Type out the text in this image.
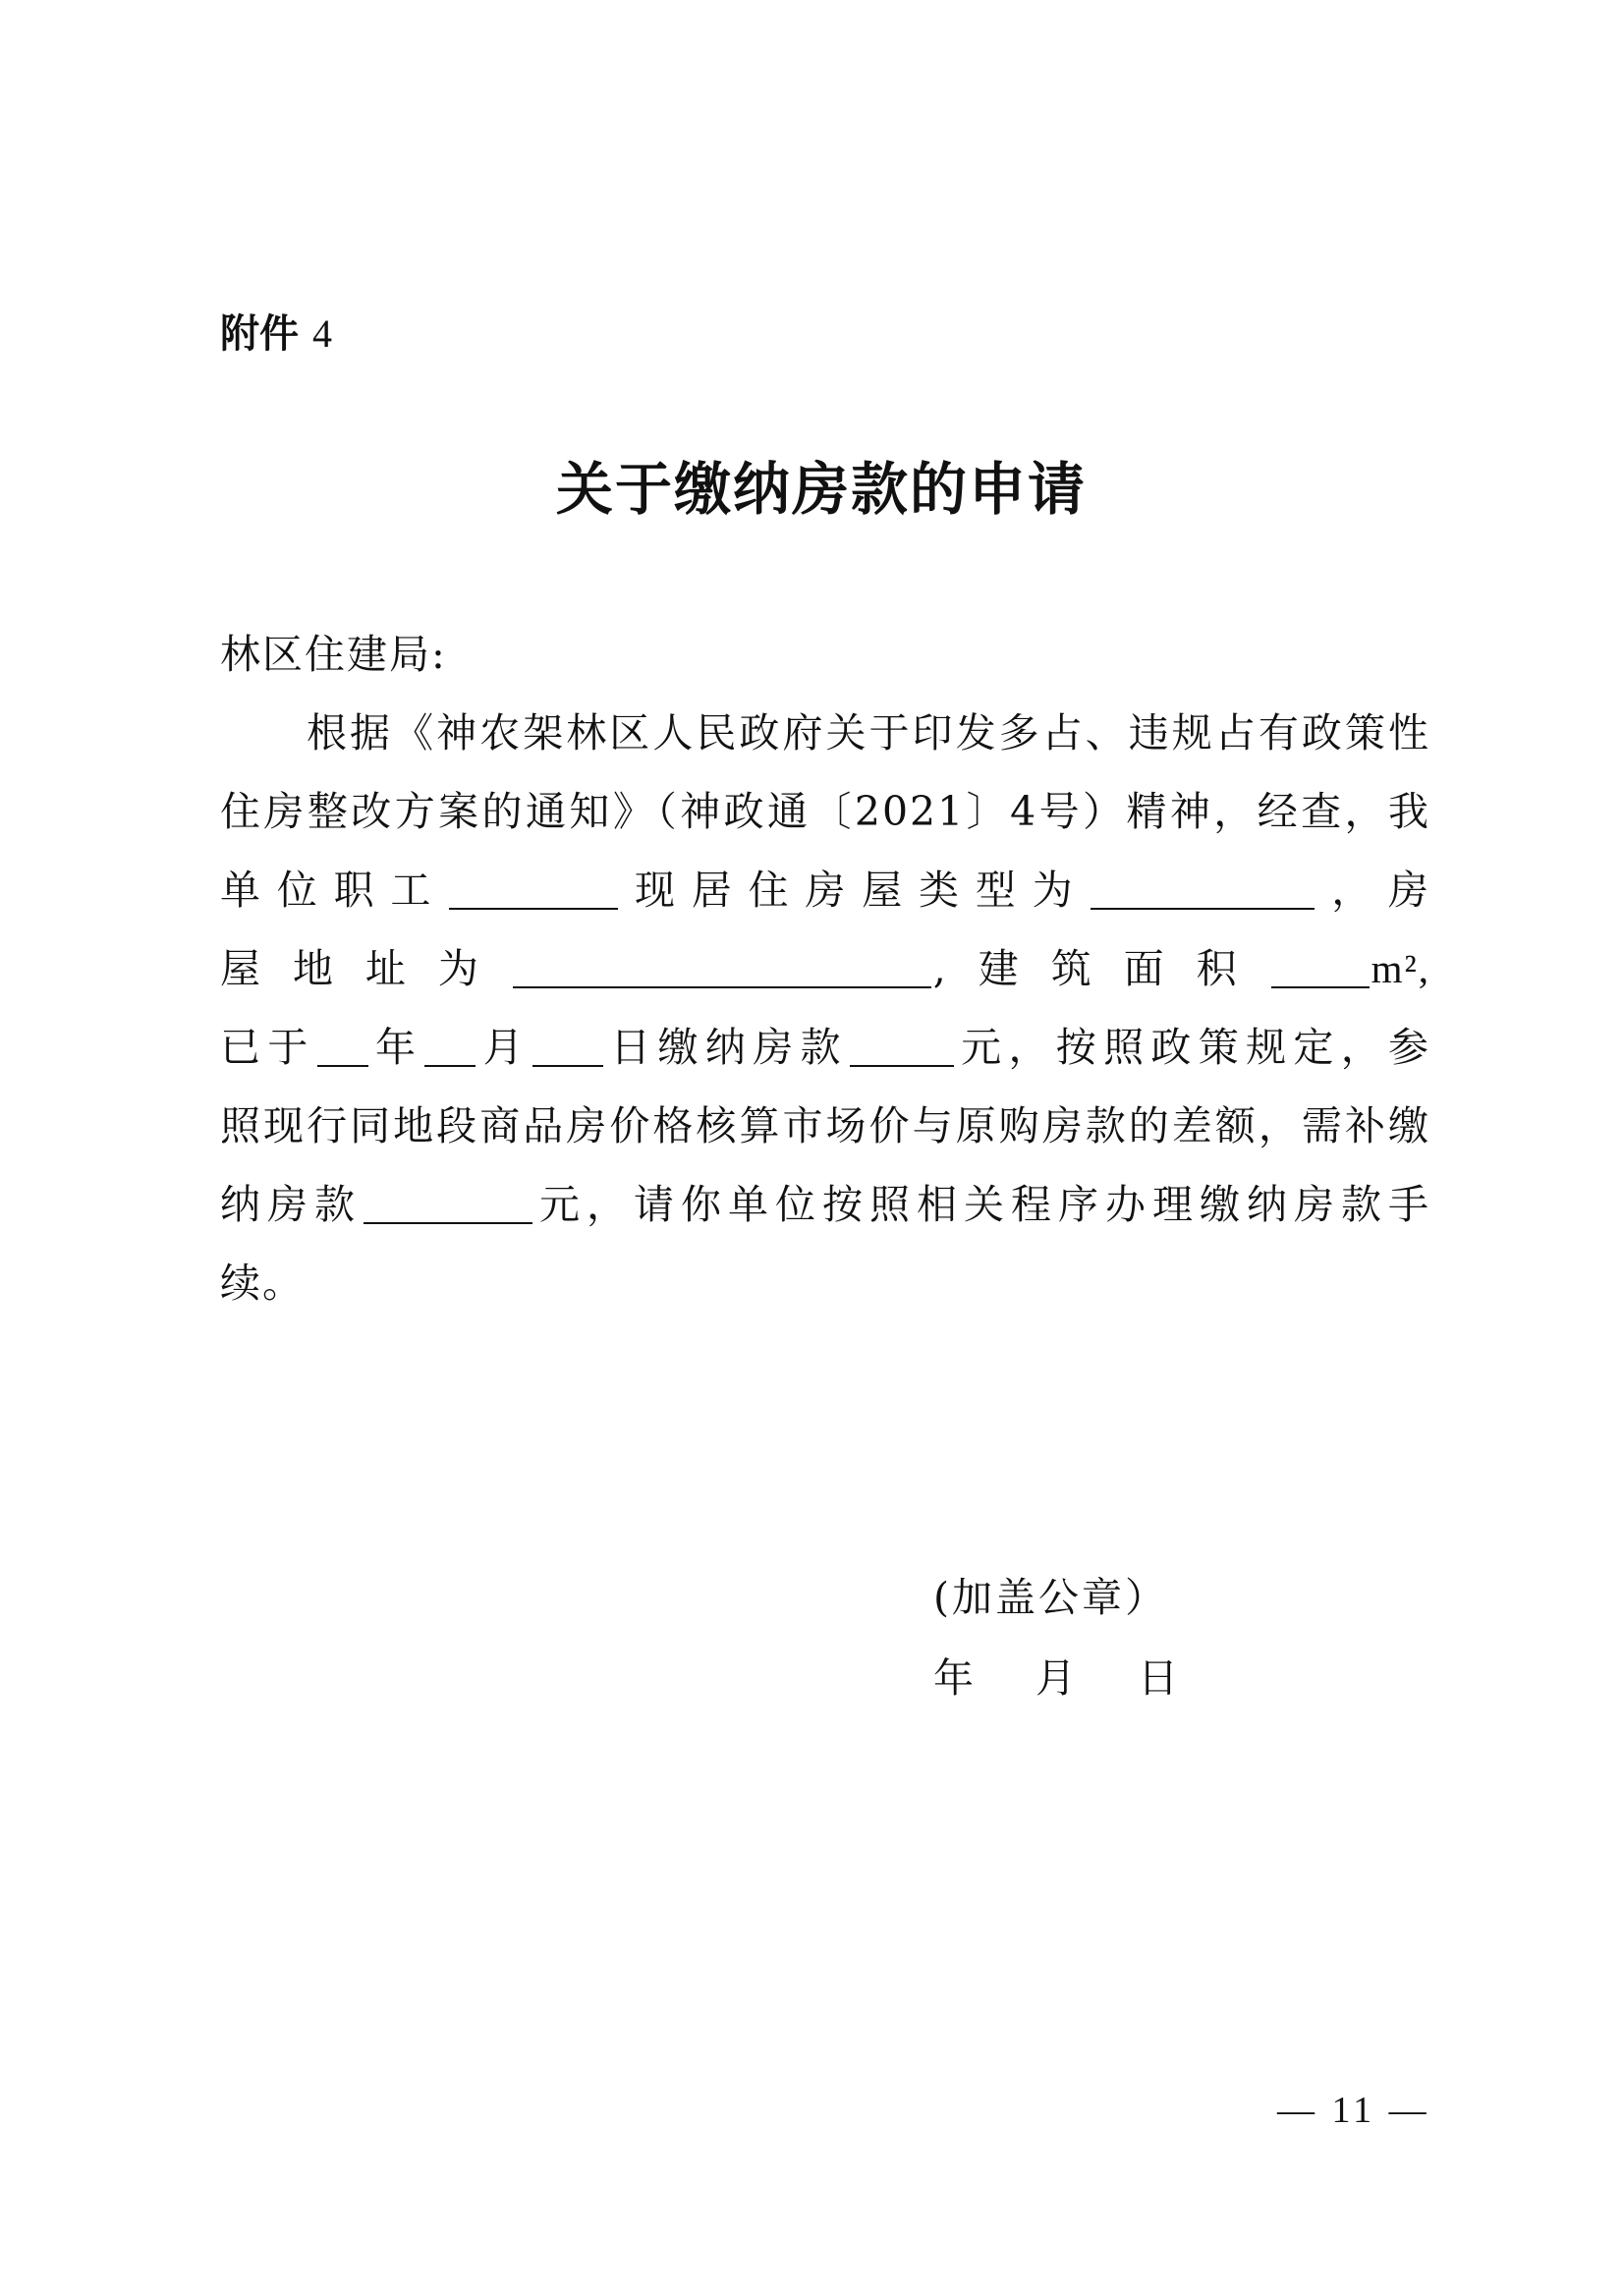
附件 4
关于缴纳房款的申请

林区住建局:

根据《神农架林区人民政府关于印发多占、违规占有政策性

住房整改方案的通知》（神政通〔2021〕4号）精神，经查，我

单位职工	现居住房屋类型为	，房

屋地址为	,建筑面积	m²,

已于 年 月 日缴纳房款	元，按照政策规定，参

照现行同地段商品房价格核算市场价与原购房款的差额，需补缴

纳房款	元，请你单位按照相关程序办理缴纳房款手

续。

(加盖公章）
年　 月　 日
— 11 —
